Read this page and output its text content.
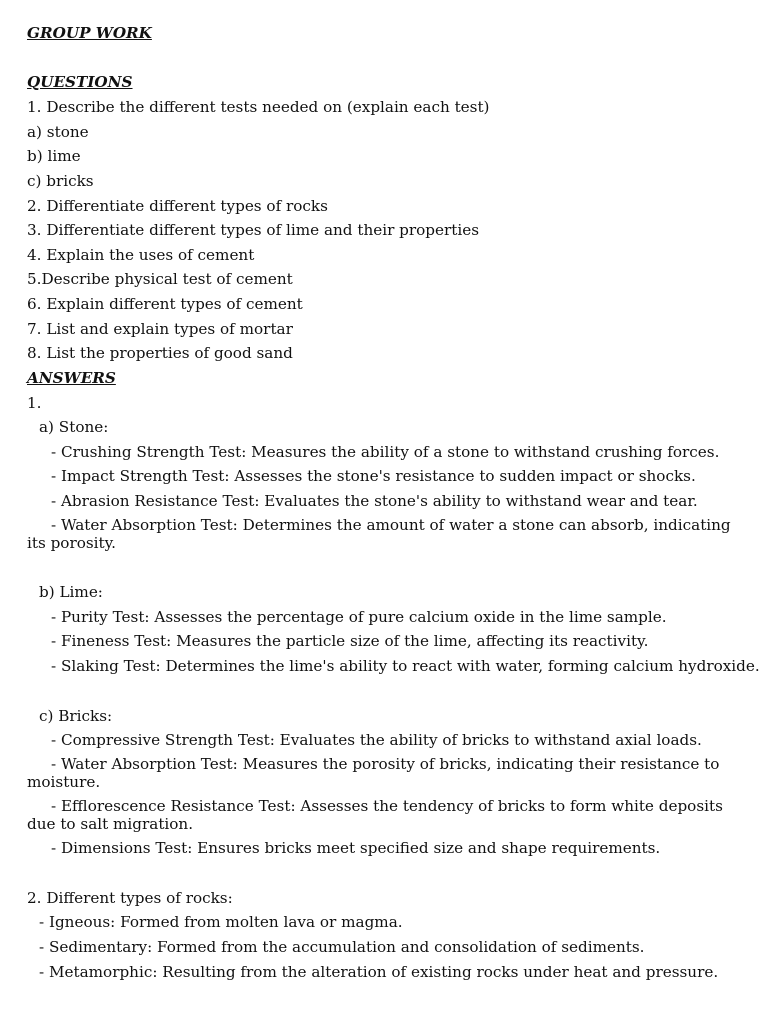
GROUP WORK
QUESTIONS
1. Describe the different tests needed on (explain each test)
a) stone
b) lime
c) bricks
2. Differentiate different types of rocks
3. Differentiate different types of lime and their properties
4. Explain the uses of cement
5.Describe physical test of cement
6. Explain different types of cement
7. List and explain types of mortar
8. List the properties of good sand
ANSWERS
1.
a) Stone:
- Crushing Strength Test: Measures the ability of a stone to withstand crushing forces.
- Impact Strength Test: Assesses the stone's resistance to sudden impact or shocks.
- Abrasion Resistance Test: Evaluates the stone's ability to withstand wear and tear.
- Water Absorption Test: Determines the amount of water a stone can absorb, indicating its porosity.
b) Lime:
- Purity Test: Assesses the percentage of pure calcium oxide in the lime sample.
- Fineness Test: Measures the particle size of the lime, affecting its reactivity.
- Slaking Test: Determines the lime's ability to react with water, forming calcium hydroxide.
c) Bricks:
- Compressive Strength Test: Evaluates the ability of bricks to withstand axial loads.
- Water Absorption Test: Measures the porosity of bricks, indicating their resistance to moisture.
- Efflorescence Resistance Test: Assesses the tendency of bricks to form white deposits due to salt migration.
- Dimensions Test: Ensures bricks meet specified size and shape requirements.
2. Different types of rocks:
- Igneous: Formed from molten lava or magma.
- Sedimentary: Formed from the accumulation and consolidation of sediments.
- Metamorphic: Resulting from the alteration of existing rocks under heat and pressure.
